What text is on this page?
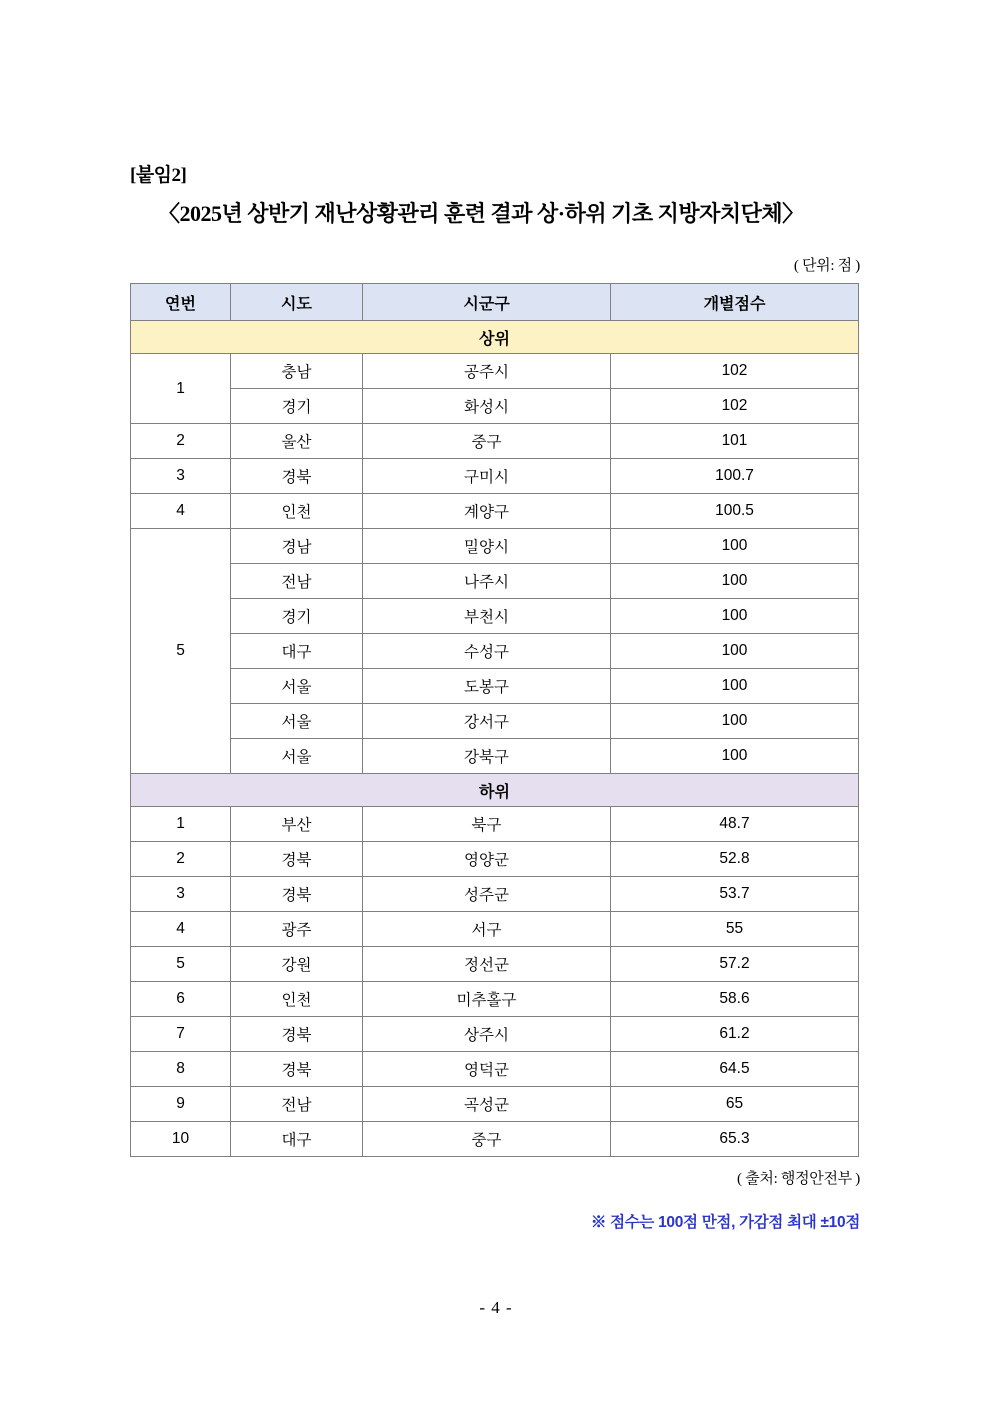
[붙임2]
〈2025년 상반기 재난상황관리 훈련 결과 상·하위 기초 지방자치단체〉
( 단위: 점 )
연번	시도	시군구	개별점수
상위			
1	충남	공주시	102
	경기	화성시	102
2	울산	중구	101
3	경북	구미시	100.7
4	인천	계양구	100.5
5	경남	밀양시	100
	전남	나주시	100
	경기	부천시	100
	대구	수성구	100
	서울	도봉구	100
	서울	강서구	100
	서울	강북구	100
하위			
1	부산	북구	48.7
2	경북	영양군	52.8
3	경북	성주군	53.7
4	광주	서구	55
5	강원	정선군	57.2
6	인천	미추홀구	58.6
7	경북	상주시	61.2
8	경북	영덕군	64.5
9	전남	곡성군	65
10	대구	중구	65.3
( 출처: 행정안전부 )
※ 점수는 100점 만점, 가감점 최대 ±10점
- 4 -
